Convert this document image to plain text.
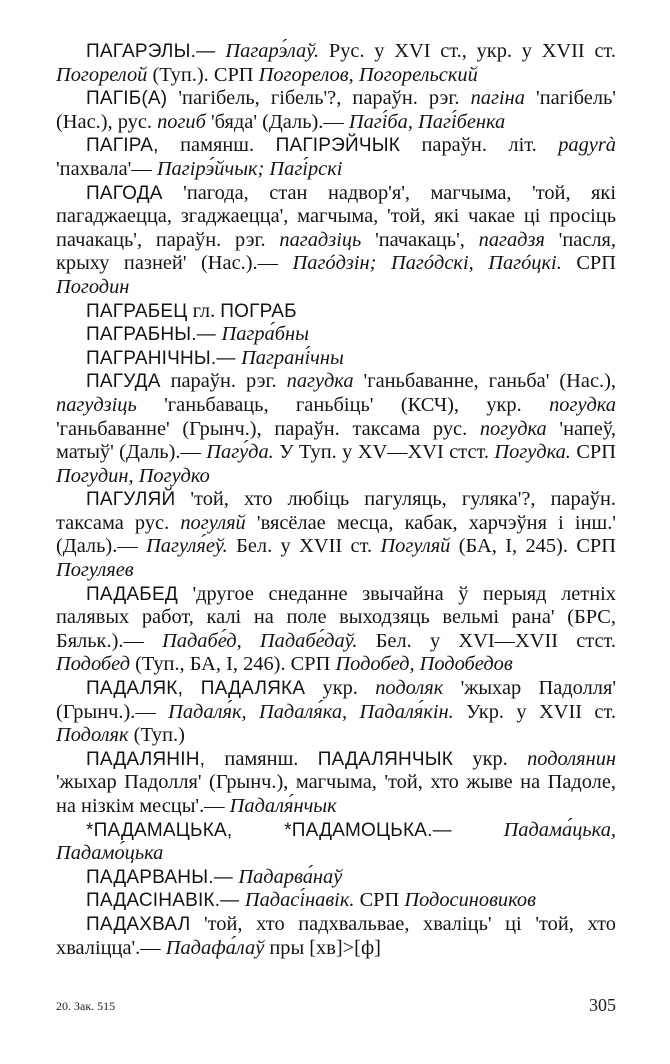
ПАГАРЭЛЫ.— Пагарэ́лаў. Рус. у XVI ст., укр. у XVII ст. Погорелой (Туп.). СРП Погорелов, Погорельский

ПАГІБ(А) 'пагібель, гібель'?, параўн. рэг. пагіна 'пагібель' (Нас.), рус. погиб 'бяда' (Даль).— Пагі́ба, Пагі́бенка

ПАГІРА, памянш. ПАГІРЭЙЧЫК параўн. літ. pagyrà 'пахвала'— Пагірэ́йчык; Пагі́рскі

ПАГОДА 'пагода, стан надвор'я', магчыма, 'той, які пагаджаецца, згаджаецца', магчыма, 'той, які чакае ці просіць пачакаць', параўн. рэг. пагадзіць 'пачакаць', пагадзя 'пасля, крыху пазней' (Нас.).— Пагóдзін; Пагóдскі, Пагóцкі. СРП Погодин

ПАГРАБЕЦ гл. ПОГРАБ

ПАГРАБНЫ.— Пагра́бны

ПАГРАНІЧНЫ.— Паграні́чны

ПАГУДА параўн. рэг. пагудка 'ганьбаванне, ганьба' (Нас.), пагудзіць 'ганьбаваць, ганьбіць' (КСЧ), укр. погудка 'ганьбаванне' (Грынч.), параўн. таксама рус. погудка 'напеў, матыў' (Даль).— Пагу́да. У Туп. у XV—XVI стст. Погудка. СРП Погудин, Погудко

ПАГУЛЯЙ 'той, хто любіць пагуляць, гуляка'?, параўн. таксама рус. погуляй 'вясёлае месца, кабак, харчэўня і інш.' (Даль).— Пагуля́еў. Бел. у XVII ст. Погуляй (БА, I, 245). СРП Погуляев

ПАДАБЕД 'другое снеданне звычайна ў перыяд летніх палявых работ, калі на поле выходзяць вельмі рана' (БРС, Бяльк.).— Падабе́д, Падабе́даў. Бел. у XVI—XVII стст. Подобед (Туп., БА, I, 246). СРП Подобед, Подобедов

ПАДАЛЯК, ПАДАЛЯКА укр. подоляк 'жыхар Падолля' (Грынч.).— Падаля́к, Падаля́ка, Падаля́кін. Укр. у XVII ст. Подоляк (Туп.)

ПАДАЛЯНІН, памянш. ПАДАЛЯНЧЫК укр. подолянин 'жыхар Падолля' (Грынч.), магчыма, 'той, хто жыве на Падоле, на нізкім месцы'.— Падаля́нчык

*ПАДАМАЦЬКА, *ПАДАМОЦЬКА.— Падама́цька, Падамо́цька

ПАДАРВАНЫ.— Падарва́наў

ПАДАСІНАВІК.— Падасі́навік. СРП Подосиновиков

ПАДАХВАЛ 'той, хто падхвальвае, хваліць' ці 'той, хто хваліцца'.— Падафа́лаў пры [хв]>[ф]

20. Зак. 515	305
